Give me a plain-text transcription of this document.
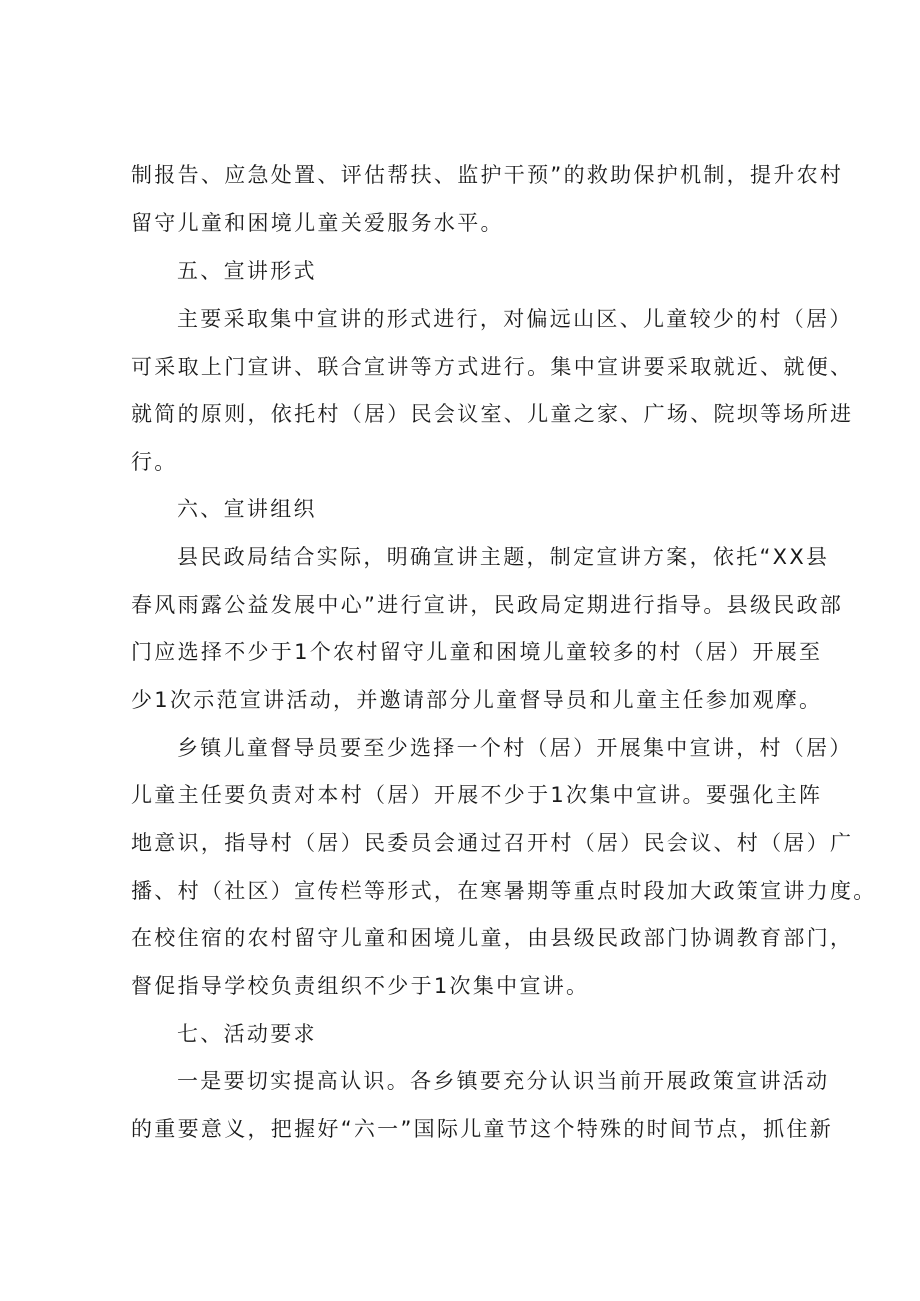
制报告、应急处置、评估帮扶、监护干预”的救助保护机制，提升农村
留守儿童和困境儿童关爱服务水平。
五、宣讲形式
主要采取集中宣讲的形式进行，对偏远山区、儿童较少的村（居）
可采取上门宣讲、联合宣讲等方式进行。集中宣讲要采取就近、就便、
就简的原则，依托村（居）民会议室、儿童之家、广场、院坝等场所进
行。
六、宣讲组织
县民政局结合实际，明确宣讲主题，制定宣讲方案，依托“XX县
春风雨露公益发展中心”进行宣讲，民政局定期进行指导。县级民政部
门应选择不少于1个农村留守儿童和困境儿童较多的村（居）开展至
少1次示范宣讲活动，并邀请部分儿童督导员和儿童主任参加观摩。
乡镇儿童督导员要至少选择一个村（居）开展集中宣讲，村（居）
儿童主任要负责对本村（居）开展不少于1次集中宣讲。要强化主阵
地意识，指导村（居）民委员会通过召开村（居）民会议、村（居）广
播、村（社区）宣传栏等形式，在寒暑期等重点时段加大政策宣讲力度。
在校住宿的农村留守儿童和困境儿童，由县级民政部门协调教育部门，
督促指导学校负责组织不少于1次集中宣讲。
七、活动要求
一是要切实提高认识。各乡镇要充分认识当前开展政策宣讲活动
的重要意义，把握好“六一”国际儿童节这个特殊的时间节点，抓住新
